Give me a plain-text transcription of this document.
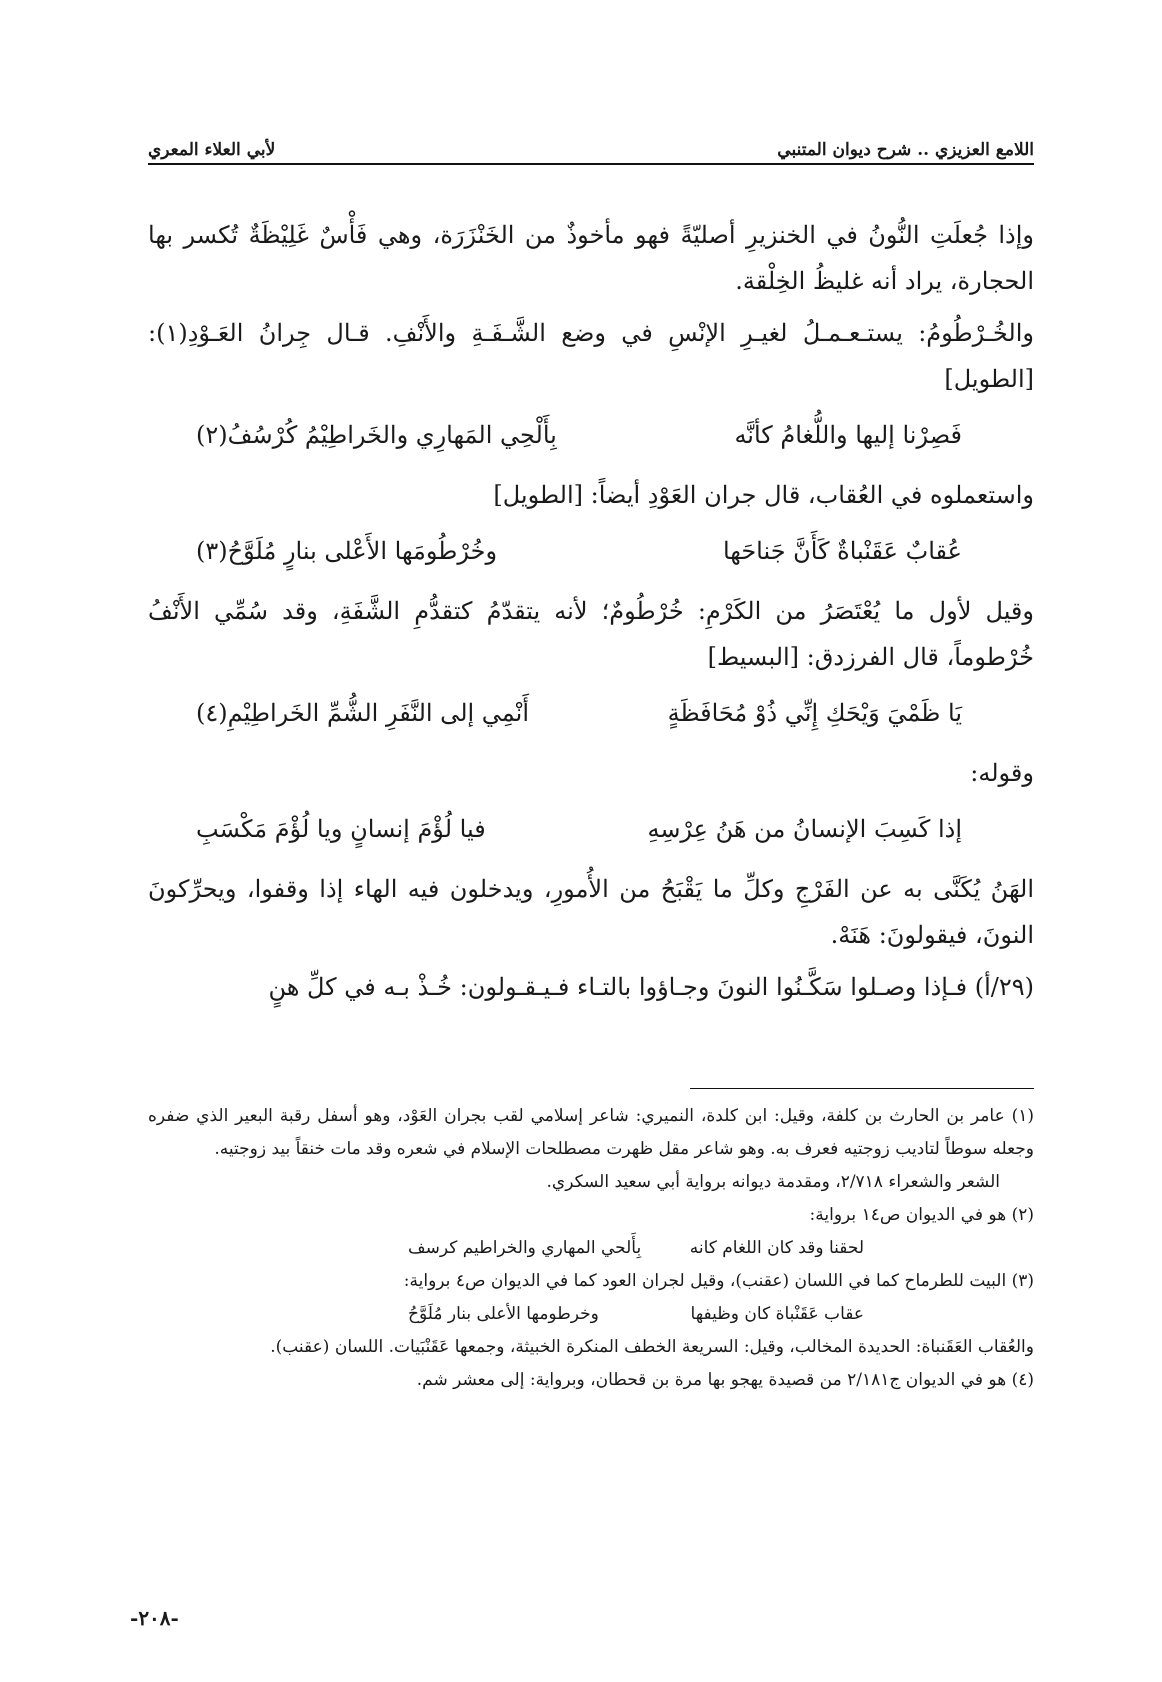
لأبي العلاء المعري	اللامع العزيزي .. شرح ديوان المتنبي

وإذا جُعلَتِ النُّونُ في الخنزيرِ أصليّةً فهو مأخوذٌ من الخَنْزَرَة، وهي فَأْسٌ غَلِيْظَةٌ تُكسر بها الحجارة، يراد أنه غليظُ الخِلْقة.

والخُـرْطُومُ: يستـعـمـلُ لغيـرِ الإنْسِ في وضع الشَّـفَـةِ والأَنْفِ. قـال جِرانُ العَـوْدِ(١): [الطويل]

فَصِرْنا إليها واللُّغامُ كأنَّه
بِأَلْحِي المَهارِي والخَراطِيْمُ كُرْسُفُ(٢)

واستعملوه في العُقاب، قال جران العَوْدِ أيضاً: [الطويل]

عُقابٌ عَقَنْباةٌ كَأَنَّ جَناحَها
وخُرْطُومَها الأَعْلى بنارٍ مُلَوَّحُ(٣)

وقيل لأول ما يُعْتَصَرُ من الكَرْمِ: خُرْطُومٌ؛ لأنه يتقدّمُ كتقدُّمِ الشَّفَةِ، وقد سُمِّي الأَنْفُ خُرْطوماً، قال الفرزدق: [البسيط]

يَا ظَمْيَ وَيْحَكِ إِنِّي ذُوْ مُحَافَظَةٍ
أَنْمِي إلى النَّفَرِ الشُّمِّ الخَراطِيْمِ(٤)

وقوله:

إذا كَسِبَ الإنسانُ من هَنُ عِرْسِهِ
فيا لُؤْمَ إنسانٍ ويا لُؤْمَ مَكْسَبِ

الهَنُ يُكَنَّى به عن الفَرْجِ وكلِّ ما يَقْبَحُ من الأُمورِ، ويدخلون فيه الهاء إذا وقفوا، ويحرِّكونَ النونَ، فيقولونَ: هَنَهْ.

(٢٩/أ) فـإذا وصـلوا سَكَّـنُوا النونَ وجـاؤوا بالتـاء فـيـقـولون: خُـذْ بـه في كلِّ هنٍ

(١) عامر بن الحارث بن كلفة، وقيل: ابن كلدة، النميري: شاعر إسلامي لقب بجران العَوْد، وهو أسفل رقبة البعير الذي ضفره وجعله سوطاً لتاديب زوجتيه فعرف به. وهو شاعر مقل ظهرت مصطلحات الإسلام في شعره وقد مات خنقاً بيد زوجتيه.

الشعر والشعراء ٢/٧١٨، ومقدمة ديوانه برواية أبي سعيد السكري.

(٢) هو في الديوان ص١٤ برواية:

لحقنا وقد كان اللغام كانه
بِأَلحي المهاري والخراطيم كرسف

(٣) البيت للطرماح كما في اللسان (عقنب)، وقيل لجران العود كما في الديوان ص٤ برواية:

عقاب عَقَنْباة كان وظيفها
وخرطومها الأعلى بنار مُلَوَّحُ

والعُقاب العَقَنباة: الحديدة المخالب، وقيل: السريعة الخطف المنكرة الخبيثة، وجمعها عَقَنْبَيات. اللسان (عقنب).

(٤) هو في الديوان ج٢/١٨١ من قصيدة يهجو بها مرة بن قحطان، وبرواية: إلى معشر شم.

-٢٠٨-
